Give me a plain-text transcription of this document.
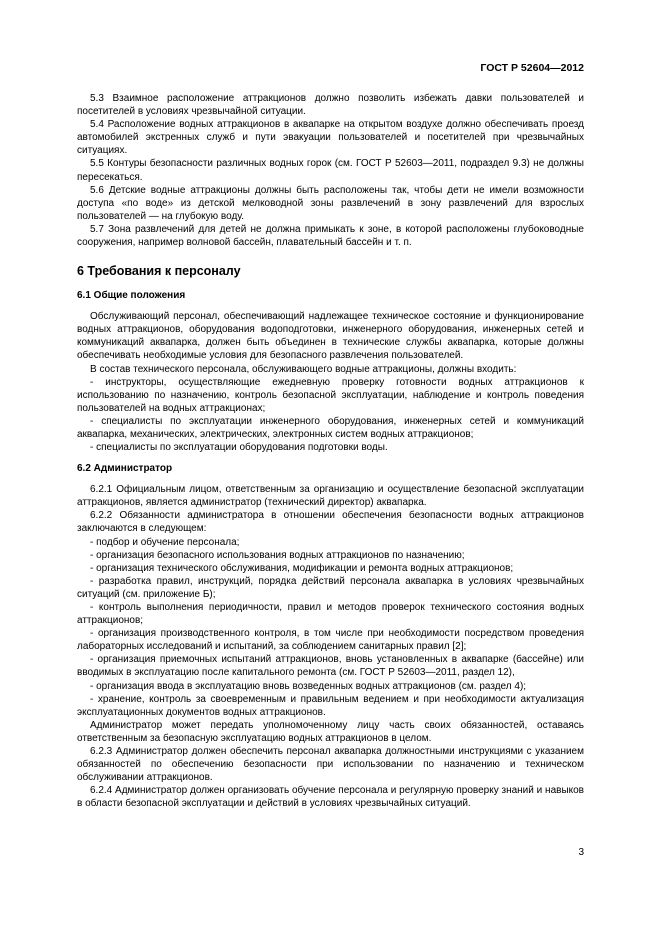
ГОСТ Р 52604—2012

5.3 Взаимное расположение аттракционов должно позволить избежать давки пользователей и посетителей в условиях чрезвычайной ситуации.

5.4 Расположение водных аттракционов в аквапарке на открытом воздухе должно обеспечивать проезд автомобилей экстренных служб и пути эвакуации пользователей и посетителей при чрезвычайных ситуациях.

5.5 Контуры безопасности различных водных горок (см. ГОСТ Р 52603—2011, подраздел 9.3) не должны пересекаться.

5.6 Детские водные аттракционы должны быть расположены так, чтобы дети не имели возможности доступа «по воде» из детской мелководной зоны развлечений в зону развлечений для взрослых пользователей — на глубокую воду.

5.7 Зона развлечений для детей не должна примыкать к зоне, в которой расположены глубоководные сооружения, например волновой бассейн, плавательный бассейн и т. п.

6 Требования к персоналу
6.1 Общие положения

Обслуживающий персонал, обеспечивающий надлежащее техническое состояние и функционирование водных аттракционов, оборудования водоподготовки, инженерного оборудования, инженерных сетей и коммуникаций аквапарка, должен быть объединен в технические службы аквапарка, которые должны обеспечивать необходимые условия для безопасного развлечения пользователей.

В состав технического персонала, обслуживающего водные аттракционы, должны входить:

- инструкторы, осуществляющие ежедневную проверку готовности водных аттракционов к использованию по назначению, контроль безопасной эксплуатации, наблюдение и контроль поведения пользователей на водных аттракционах;

- специалисты по эксплуатации инженерного оборудования, инженерных сетей и коммуникаций аквапарка, механических, электрических, электронных систем водных аттракционов;

- специалисты по эксплуатации оборудования подготовки воды.

6.2 Администратор

6.2.1 Официальным лицом, ответственным за организацию и осуществление безопасной эксплуатации аттракционов, является администратор (технический директор) аквапарка.

6.2.2 Обязанности администратора в отношении обеспечения безопасности водных аттракционов заключаются в следующем:

- подбор и обучение персонала;

- организация безопасного использования водных аттракционов по назначению;

- организация технического обслуживания, модификации и ремонта водных аттракционов;

- разработка правил, инструкций, порядка действий персонала аквапарка в условиях чрезвычайных ситуаций (см. приложение Б);

- контроль выполнения периодичности, правил и методов проверок технического состояния водных аттракционов;

- организация производственного контроля, в том числе при необходимости посредством проведения лабораторных исследований и испытаний, за соблюдением санитарных правил [2];

- организация приемочных испытаний аттракционов, вновь установленных в аквапарке (бассейне) или вводимых в эксплуатацию после капитального ремонта (см. ГОСТ Р 52603—2011, раздел 12),

- организация ввода в эксплуатацию вновь возведенных водных аттракционов (см. раздел 4);

- хранение, контроль за своевременным и правильным ведением и при необходимости актуализация эксплуатационных документов водных аттракционов.

Администратор может передать уполномоченному лицу часть своих обязанностей, оставаясь ответственным за безопасную эксплуатацию водных аттракционов в целом.

6.2.3 Администратор должен обеспечить персонал аквапарка должностными инструкциями с указанием обязанностей по обеспечению безопасности при использовании по назначению и техническом обслуживании аттракционов.

6.2.4 Администратор должен организовать обучение персонала и регулярную проверку знаний и навыков в области безопасной эксплуатации и действий в условиях чрезвычайных ситуаций.

3
